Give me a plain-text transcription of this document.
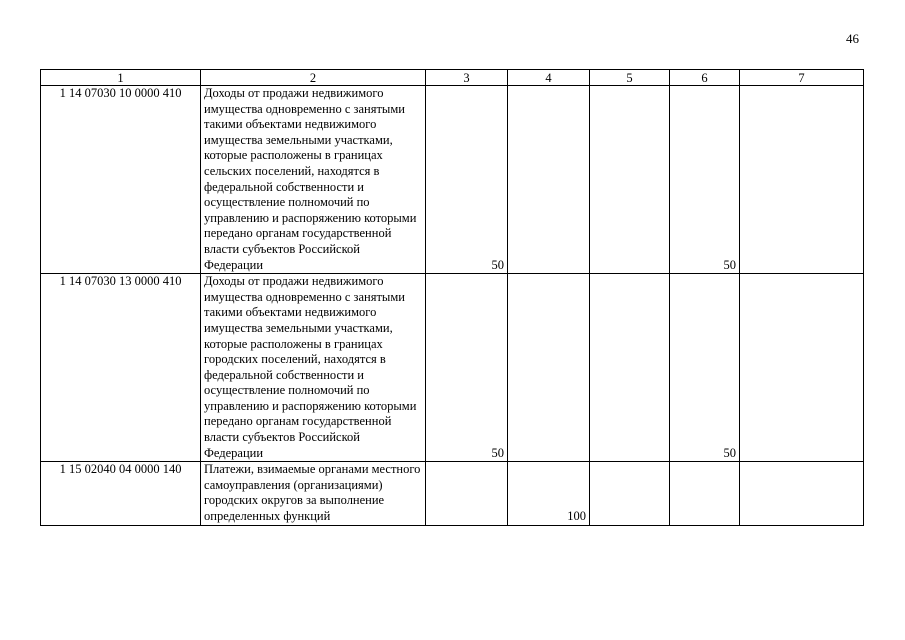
46
1	2	3	4	5	6	7
1 14 07030 10 0000 410	Доходы от продажи недвижимого имущества одновременно с занятыми такими объектами недвижимого имущества земельными участками, которые расположены в границах сельских поселений, находятся в федеральной собственности и осуществление полномочий по управлению и распоряжению которыми передано органам государственной власти субъектов Российской Федерации	50			50	
1 14 07030 13 0000 410	Доходы от продажи недвижимого имущества одновременно с занятыми такими объектами недвижимого имущества земельными участками, которые расположены в границах городских поселений, находятся в федеральной собственности и осуществление полномочий по управлению и распоряжению которыми передано органам государственной власти субъектов Российской Федерации	50			50	
1 15 02040 04 0000 140	Платежи, взимаемые органами местного самоуправления (организациями) городских округов за выполнение определенных функций		100			
